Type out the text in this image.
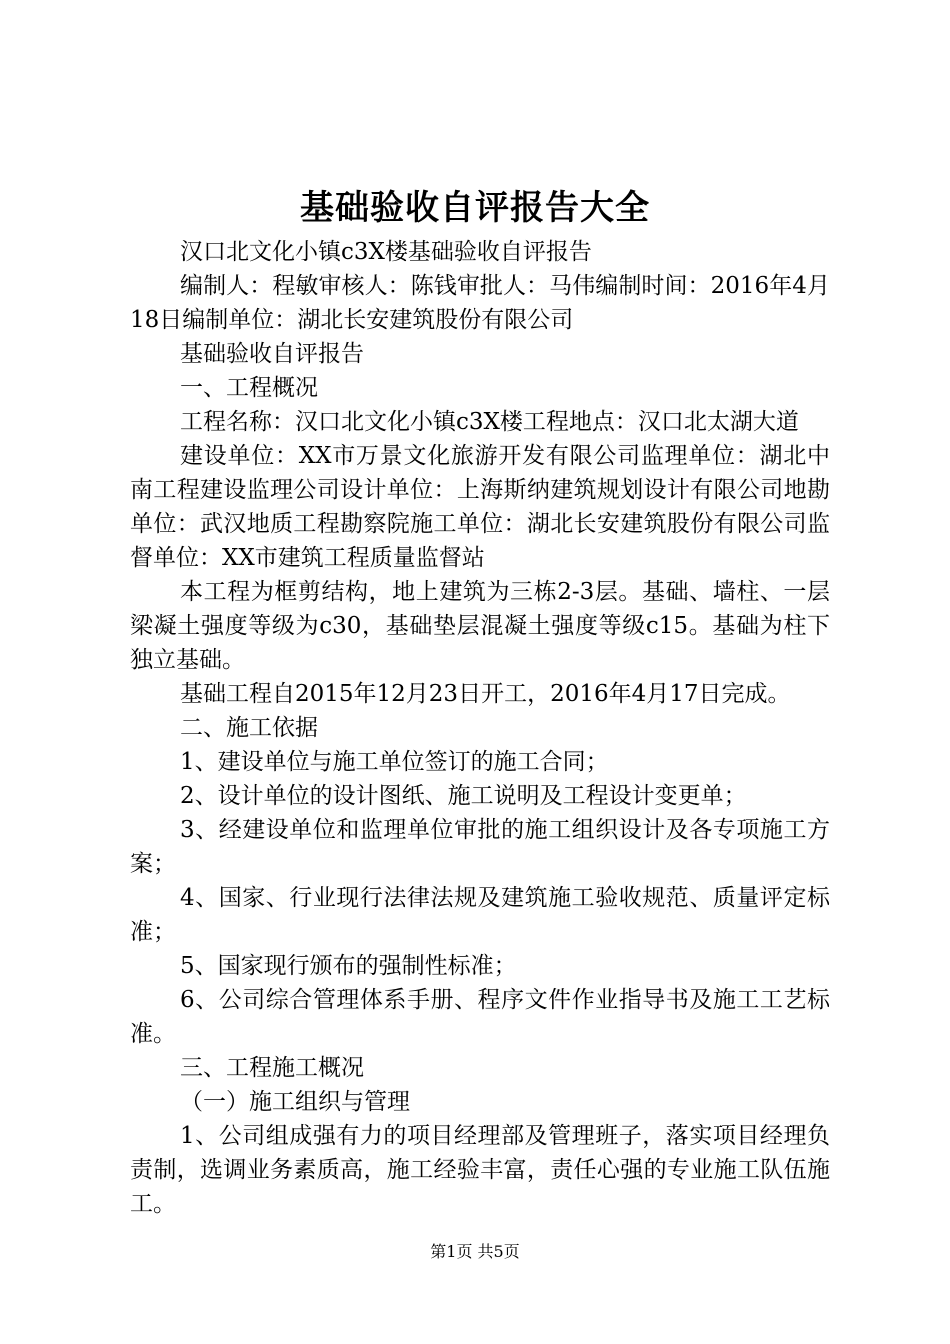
基础验收自评报告大全

汉口北文化小镇c3X楼基础验收自评报告

编制人：程敏审核人：陈钱审批人：马伟编制时间：2016年4月18日编制单位：湖北长安建筑股份有限公司

基础验收自评报告

一、工程概况

工程名称：汉口北文化小镇c3X楼工程地点：汉口北太湖大道

建设单位：XX市万景文化旅游开发有限公司监理单位：湖北中南工程建设监理公司设计单位：上海斯纳建筑规划设计有限公司地勘单位：武汉地质工程勘察院施工单位：湖北长安建筑股份有限公司监督单位：XX市建筑工程质量监督站

本工程为框剪结构，地上建筑为三栋2-3层。基础、墙柱、一层梁凝土强度等级为c30，基础垫层混凝土强度等级c15。基础为柱下独立基础。

基础工程自2015年12月23日开工，2016年4月17日完成。

二、施工依据

1、建设单位与施工单位签订的施工合同；

2、设计单位的设计图纸、施工说明及工程设计变更单；

3、经建设单位和监理单位审批的施工组织设计及各专项施工方案；

4、国家、行业现行法律法规及建筑施工验收规范、质量评定标准；

5、国家现行颁布的强制性标准；

6、公司综合管理体系手册、程序文件作业指导书及施工工艺标准。

三、工程施工概况

（一）施工组织与管理

1、公司组成强有力的项目经理部及管理班子，落实项目经理负责制，选调业务素质高，施工经验丰富，责任心强的专业施工队伍施工。

第1页 共5页
